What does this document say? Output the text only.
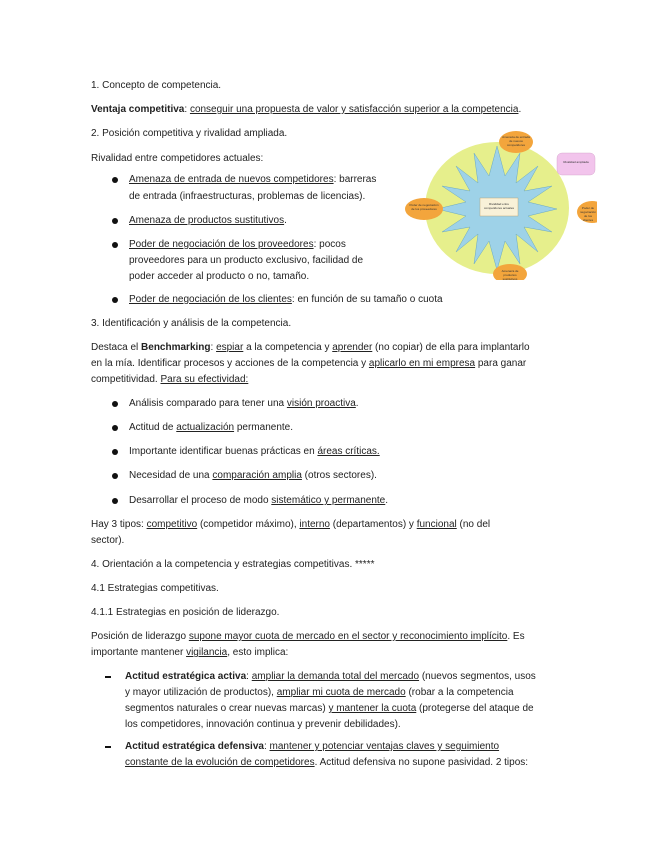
1. Concepto de competencia.

Ventaja competitiva: conseguir una propuesta de valor y satisfacción superior a la competencia.

2. Posición competitiva y rivalidad ampliada.

Rivalidad entre competidores actuales:

Amenaza de entrada de nuevos competidores: barreras

de entrada (infraestructuras, problemas de licencias).

Amenaza de productos sustitutivos.

Poder de negociación de los proveedores: pocos

proveedores para un producto exclusivo, facilidad de

poder acceder al producto o no, tamaño.

Poder de negociación de los clientes: en función de su tamaño o cuota

Rivalidad entre competidores actuales
Amenaza de entrada de nuevos competidores
Poder de negociación de los proveedores	Poder de negociación de los clientes
Amenaza de productos sustitutivos
Rivalidad ampliada

3. Identificación y análisis de la competencia.

Destaca el Benchmarking: espiar a la competencia y aprender (no copiar) de ella para implantarlo

en la mía. Identificar procesos y acciones de la competencia y aplicarlo en mi empresa para ganar

competitividad. Para su efectividad:

Análisis comparado para tener una visión proactiva.

Actitud de actualización permanente.

Importante identificar buenas prácticas en áreas críticas.

Necesidad de una comparación amplia (otros sectores).

Desarrollar el proceso de modo sistemático y permanente.

Hay 3 tipos: competitivo (competidor máximo), interno (departamentos) y funcional (no del

sector).

4. Orientación a la competencia y estrategias competitivas. *****

4.1 Estrategias competitivas.

4.1.1 Estrategias en posición de liderazgo.

Posición de liderazgo supone mayor cuota de mercado en el sector y reconocimiento implícito. Es

importante mantener vigilancia, esto implica:

Actitud estratégica activa: ampliar la demanda total del mercado (nuevos segmentos, usos

y mayor utilización de productos), ampliar mi cuota de mercado (robar a la competencia

segmentos naturales o crear nuevas marcas) y mantener la cuota (protegerse del ataque de

los competidores, innovación continua y prevenir debilidades).

Actitud estratégica defensiva: mantener y potenciar ventajas claves y seguimiento

constante de la evolución de competidores. Actitud defensiva no supone pasividad. 2 tipos:
